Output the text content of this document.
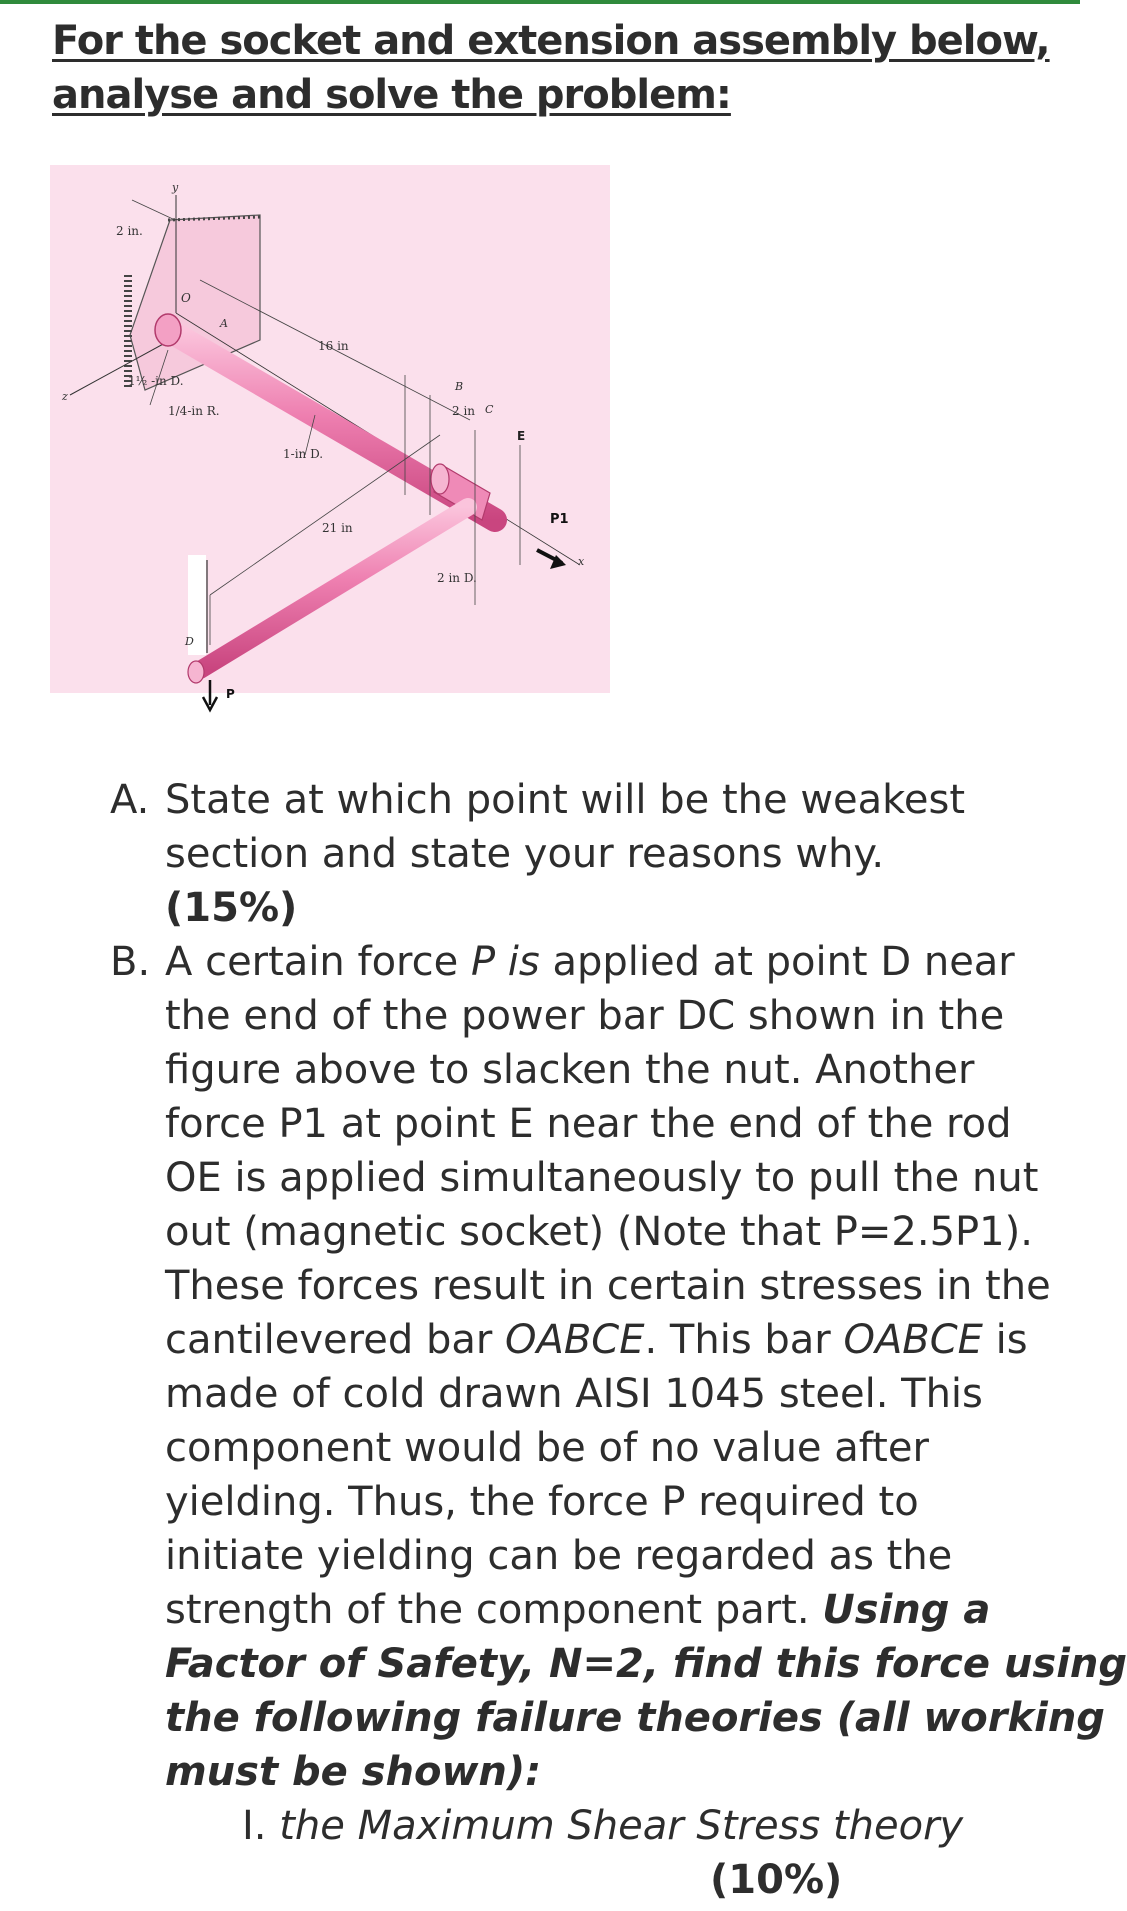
For the socket and extension assembly below,
analyse and solve the problem:
2 in.
y
z
x
O
A
B
C
D
E
16 in
1½ -in D.
1/4-in R.
1-in D.
2 in
21 in
2 in D.
P1
P
A. State at which point will be the weakest
section and state your reasons why.
(15%)
B. A certain force P is applied at point D near
the end of the power bar DC shown in the
figure above to slacken the nut. Another
force P1 at point E near the end of the rod
OE is applied simultaneously to pull the nut
out (magnetic socket) (Note that P=2.5P1).
These forces result in certain stresses in the
cantilevered bar OABCE. This bar OABCE is
made of cold drawn AISI 1045 steel. This
component would be of no value after
yielding. Thus, the force P required to
initiate yielding can be regarded as the
strength of the component part. Using a
Factor of Safety, N=2, find this force using
the following failure theories (all working
must be shown):
I. the Maximum Shear Stress theory
(10%)
